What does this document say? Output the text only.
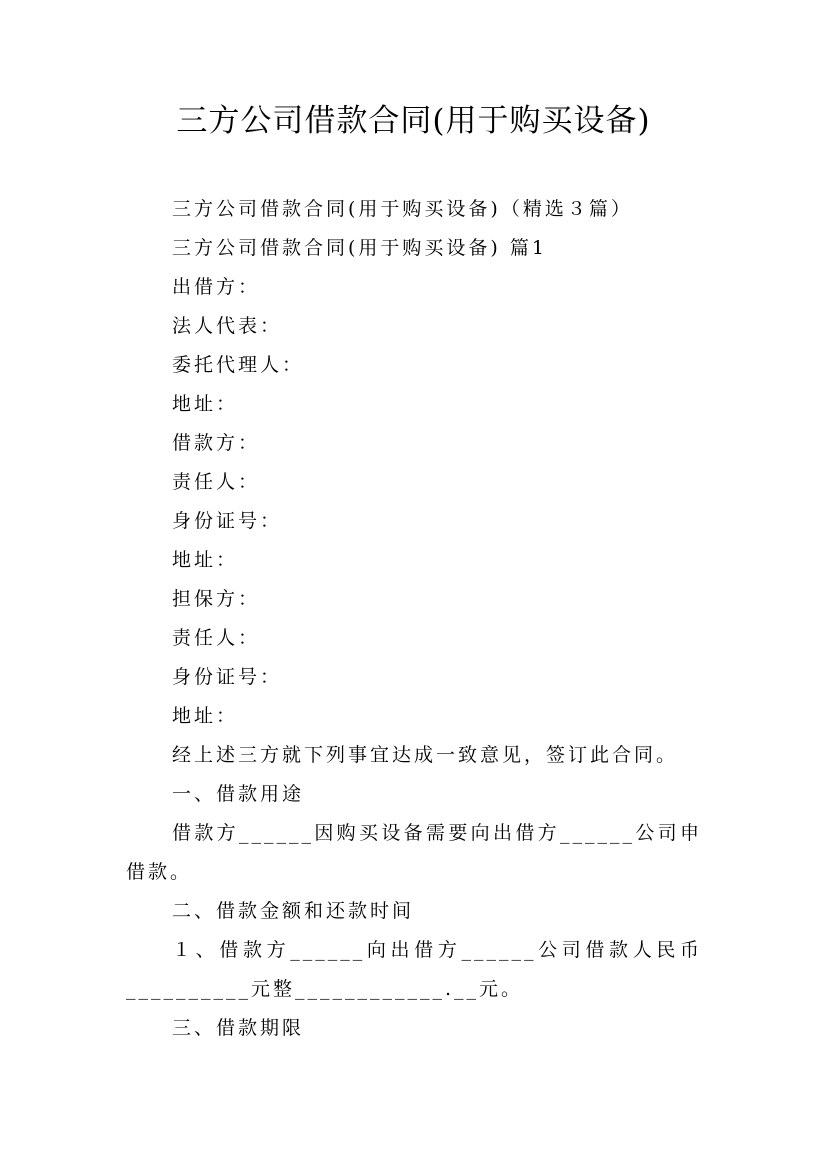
三方公司借款合同(用于购买设备)
三方公司借款合同(用于购买设备)（精选３篇）
三方公司借款合同(用于购买设备) 篇1
出借方：
法人代表：
委托代理人：
地址：
借款方：
责任人：
身份证号：
地址：
担保方：
责任人：
身份证号：
地址：
经上述三方就下列事宜达成一致意见，签订此合同。
一、借款用途
借款方______因购买设备需要向出借方______公司申
借款。
二、借款金额和还款时间
１、借款方______向出借方______公司借款人民币
__________元整____________.__元。
三、借款期限
